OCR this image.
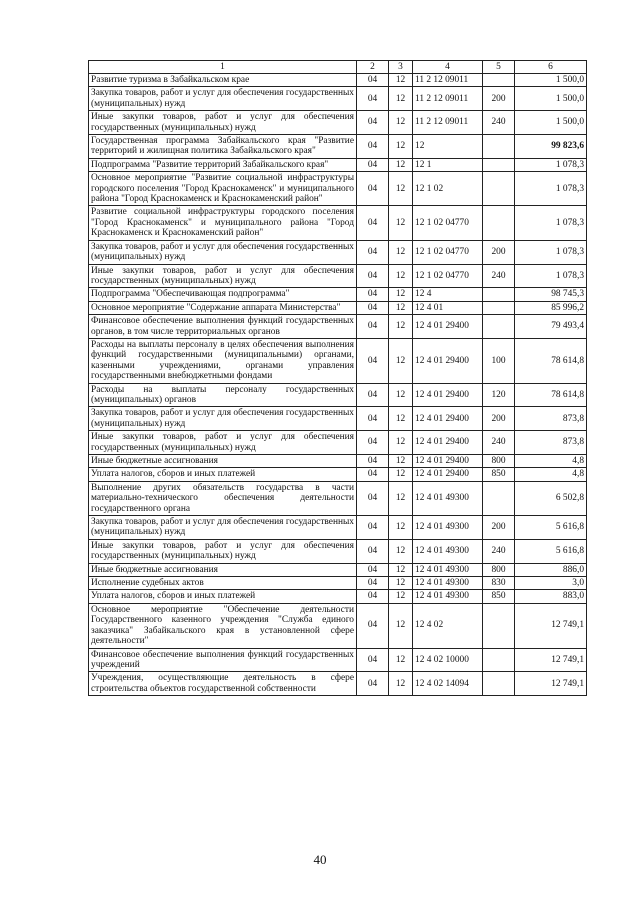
1	2	3	4	5	6
Развитие туризма в Забайкальском крае	04	12	11 2 12 09011		1 500,0
Закупка товаров, работ и услуг для обеспечения государственных (муниципальных) нужд	04	12	11 2 12 09011	200	1 500,0
Иные закупки товаров, работ и услуг для обеспечения государственных (муниципальных) нужд	04	12	11 2 12 09011	240	1 500,0
Государственная программа Забайкальского края "Развитие территорий и жилищная политика Забайкальского края"	04	12	12		99 823,6
Подпрограмма "Развитие территорий Забайкальского края"	04	12	12 1		1 078,3
Основное мероприятие "Развитие социальной инфраструктуры городского поселения "Город Краснокаменск" и муниципального района "Город Краснокаменск и Краснокаменский район"	04	12	12 1 02		1 078,3
Развитие социальной инфраструктуры городского поселения "Город Краснокаменск" и муниципального района "Город Краснокаменск и Краснокаменский район"	04	12	12 1 02 04770		1 078,3
Закупка товаров, работ и услуг для обеспечения государственных (муниципальных) нужд	04	12	12 1 02 04770	200	1 078,3
Иные закупки товаров, работ и услуг для обеспечения государственных (муниципальных) нужд	04	12	12 1 02 04770	240	1 078,3
Подпрограмма "Обеспечивающая подпрограмма"	04	12	12 4		98 745,3
Основное мероприятие "Содержание аппарата Министерства"	04	12	12 4 01		85 996,2
Финансовое обеспечение выполнения функций государственных органов, в том числе территориальных органов	04	12	12 4 01 29400		79 493,4
Расходы на выплаты персоналу в целях обеспечения выполнения функций государственными (муниципальными) органами, казенными учреждениями, органами управления государственными внебюджетными фондами	04	12	12 4 01 29400	100	78 614,8
Расходы на выплаты персоналу государственных (муниципальных) органов	04	12	12 4 01 29400	120	78 614,8
Закупка товаров, работ и услуг для обеспечения государственных (муниципальных) нужд	04	12	12 4 01 29400	200	873,8
Иные закупки товаров, работ и услуг для обеспечения государственных (муниципальных) нужд	04	12	12 4 01 29400	240	873,8
Иные бюджетные ассигнования	04	12	12 4 01 29400	800	4,8
Уплата налогов, сборов и иных платежей	04	12	12 4 01 29400	850	4,8
Выполнение других обязательств государства в части материально-технического обеспечения деятельности государственного органа	04	12	12 4 01 49300		6 502,8
Закупка товаров, работ и услуг для обеспечения государственных (муниципальных) нужд	04	12	12 4 01 49300	200	5 616,8
Иные закупки товаров, работ и услуг для обеспечения государственных (муниципальных) нужд	04	12	12 4 01 49300	240	5 616,8
Иные бюджетные ассигнования	04	12	12 4 01 49300	800	886,0
Исполнение судебных актов	04	12	12 4 01 49300	830	3,0
Уплата налогов, сборов и иных платежей	04	12	12 4 01 49300	850	883,0
Основное мероприятие "Обеспечение деятельности Государственного казенного учреждения "Служба единого заказчика" Забайкальского края в установленной сфере деятельности"	04	12	12 4 02		12 749,1
Финансовое обеспечение выполнения функций государственных учреждений	04	12	12 4 02 10000		12 749,1
Учреждения, осуществляющие деятельность в сфере строительства объектов государственной собственности	04	12	12 4 02 14094		12 749,1
40
